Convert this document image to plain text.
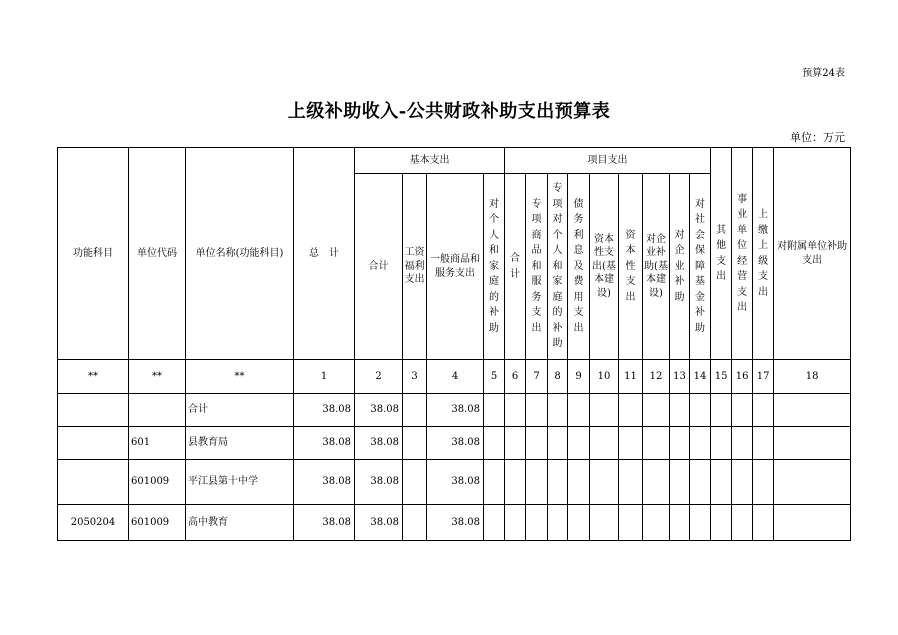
预算24表
上级补助收入-公共财政补助支出预算表
单位：万元
功能科目	单位代码	单位名称(功能科目)	总　计	基本支出				项目支出									其他支出	事业单位经营支出	上缴上级支出	对附属单位补助支出
				合计	工资福利支出	一般商品和服务支出	对个人和家庭的补助	合计	专项商品和服务支出	专项对个人和家庭的补助	债务利息及费用支出	资本性支出(基本建设)	资本性支出	对企业补助(基本建设)	对企业补助	对社会保障基金补助				
**	**	**	1	2	3	4	5	6	7	8	9	10	11	12	13	14	15	16	17	18
		合计	38.08	38.08		38.08														
	601	县教育局	38.08	38.08		38.08														
	601009	平江县第十中学	38.08	38.08		38.08														
2050204	601009	高中教育	38.08	38.08		38.08														
